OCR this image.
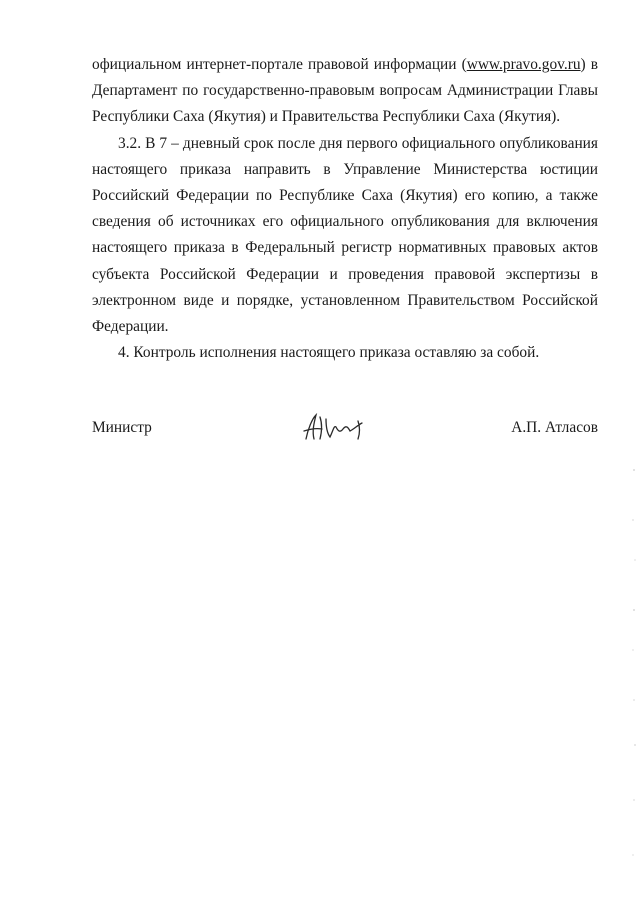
официальном интернет-портале правовой информации (www.pravo.gov.ru) в Департамент по государственно-правовым вопросам Администрации Главы Республики Саха (Якутия) и Правительства Республики Саха (Якутия).

3.2. В 7 – дневный срок после дня первого официального опубликования настоящего приказа направить в Управление Министерства юстиции Российский Федерации по Республике Саха (Якутия) его копию, а также сведения об источниках его официального опубликования для включения настоящего приказа в Федеральный регистр нормативных правовых актов субъекта Российской Федерации и проведения правовой экспертизы в электронном виде и порядке, установленном Правительством Российской Федерации.

4. Контроль исполнения настоящего приказа оставляю за собой.

Министр	А.П. Атласов
